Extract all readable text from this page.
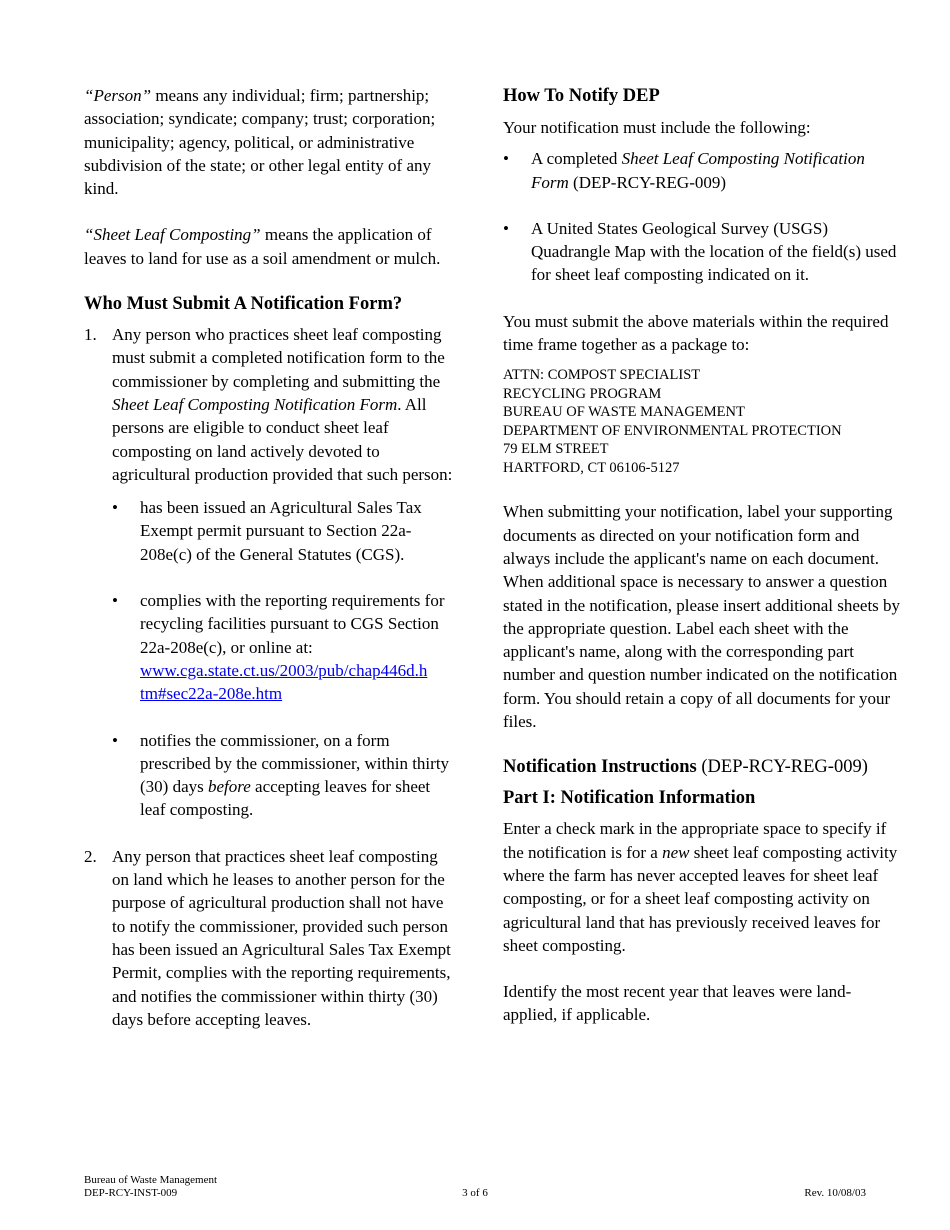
“Person” means any individual; firm; partnership; association; syndicate; company; trust; corporation; municipality; agency, political, or administrative subdivision of the state; or other legal entity of any kind.

“Sheet Leaf Composting” means the application of leaves to land for use as a soil amendment or mulch.

Who Must Submit A Notification Form?

1. Any person who practices sheet leaf composting must submit a completed notification form to the commissioner by completing and submitting the Sheet Leaf Composting Notification Form. All persons are eligible to conduct sheet leaf composting on land actively devoted to agricultural production provided that such person:

• has been issued an Agricultural Sales Tax Exempt permit pursuant to Section 22a-208e(c) of the General Statutes (CGS).

• complies with the reporting requirements for recycling facilities pursuant to CGS Section 22a-208e(c), or online at:
www.cga.state.ct.us/2003/pub/chap446d.h
tm#sec22a-208e.htm

• notifies the commissioner, on a form prescribed by the commissioner, within thirty (30) days before accepting leaves for sheet leaf composting.

2. Any person that practices sheet leaf composting on land which he leases to another person for the purpose of agricultural production shall not have to notify the commissioner, provided such person has been issued an Agricultural Sales Tax Exempt Permit, complies with the reporting requirements, and notifies the commissioner within thirty (30) days before accepting leaves.

How To Notify DEP

Your notification must include the following:

• A completed Sheet Leaf Composting Notification Form (DEP-RCY-REG-009)

• A United States Geological Survey (USGS) Quadrangle Map with the location of the field(s) used for sheet leaf composting indicated on it.

You must submit the above materials within the required time frame together as a package to:

ATTN: COMPOST SPECIALIST
RECYCLING PROGRAM
BUREAU OF WASTE MANAGEMENT
DEPARTMENT OF ENVIRONMENTAL PROTECTION
79 ELM STREET
HARTFORD, CT 06106-5127

When submitting your notification, label your supporting documents as directed on your notification form and always include the applicant's name on each document. When additional space is necessary to answer a question stated in the notification, please insert additional sheets by the appropriate question. Label each sheet with the applicant's name, along with the corresponding part number and question number indicated on the notification form. You should retain a copy of all documents for your files.

Notification Instructions (DEP-RCY-REG-009)

Part I: Notification Information

Enter a check mark in the appropriate space to specify if the notification is for a new sheet leaf composting activity where the farm has never accepted leaves for sheet leaf composting, or for a sheet leaf composting activity on agricultural land that has previously received leaves for sheet composting.

Identify the most recent year that leaves were land-applied, if applicable.

Bureau of Waste Management
DEP-RCY-INST-009	3 of 6	Rev. 10/08/03
